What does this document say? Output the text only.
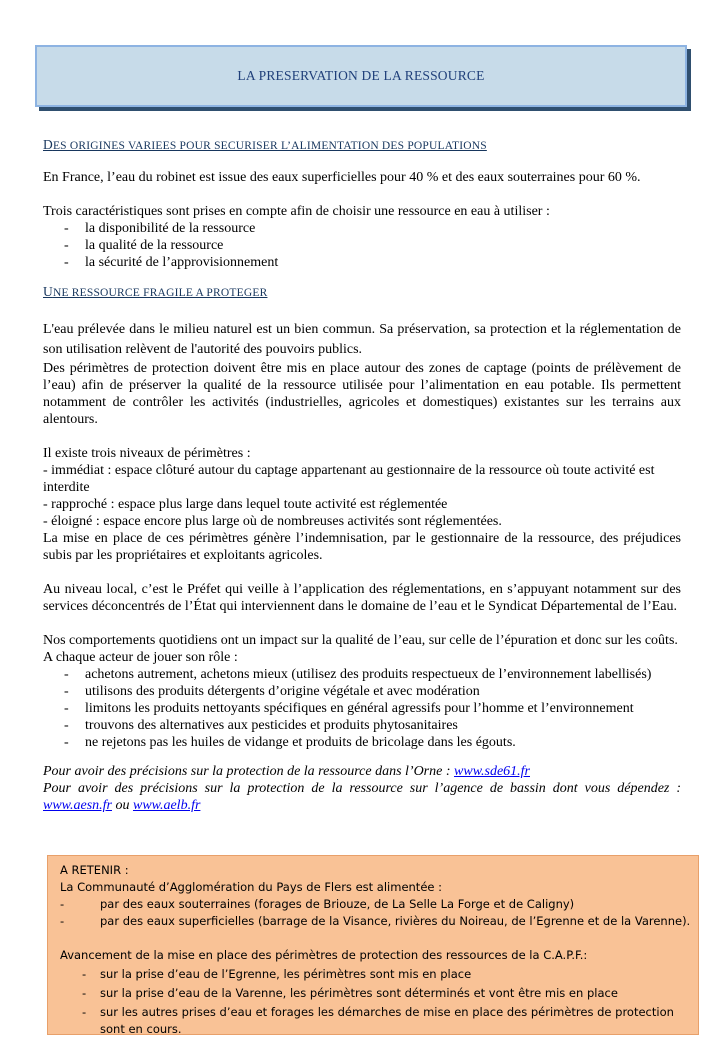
LA PRESERVATION DE LA RESSOURCE
DES ORIGINES VARIEES POUR SECURISER L’ALIMENTATION DES POPULATIONS

En France, l’eau du robinet est issue des eaux superficielles pour 40 % et des eaux souterraines pour 60 %.

Trois caractéristiques sont prises en compte afin de choisir une ressource en eau à utiliser :

- la disponibilité de la ressource
- la qualité de la ressource
- la sécurité de l’approvisionnement
UNE RESSOURCE FRAGILE A PROTEGER

L'eau prélevée dans le milieu naturel est un bien commun. Sa préservation, sa protection et la réglementation de son utilisation relèvent de l'autorité des pouvoirs publics.

Des périmètres de protection doivent être mis en place autour des zones de captage (points de prélèvement de l’eau) afin de préserver la qualité de la ressource utilisée pour l’alimentation en eau potable. Ils permettent notamment de contrôler les activités (industrielles, agricoles et domestiques) existantes sur les terrains aux alentours.

Il existe trois niveaux de périmètres :

- immédiat : espace clôturé autour du captage appartenant au gestionnaire de la ressource où toute activité est interdite

- rapproché : espace plus large dans lequel toute activité est réglementée

- éloigné : espace encore plus large où de nombreuses activités sont réglementées.

La mise en place de ces périmètres génère l’indemnisation, par le gestionnaire de la ressource, des préjudices subis par les propriétaires et exploitants agricoles.

Au niveau local, c’est le Préfet qui veille à l’application des réglementations, en s’appuyant notamment sur des services déconcentrés de l’État qui interviennent dans le domaine de l’eau et le Syndicat Départemental de l’Eau.

Nos comportements quotidiens ont un impact sur la qualité de l’eau, sur celle de l’épuration et donc sur les coûts.

A chaque acteur de jouer son rôle :

- achetons autrement, achetons mieux (utilisez des produits respectueux de l’environnement labellisés)
- utilisons des produits détergents d’origine végétale et avec modération
- limitons les produits nettoyants spécifiques en général agressifs pour l’homme et l’environnement
- trouvons des alternatives aux pesticides et produits phytosanitaires
- ne rejetons pas les huiles de vidange et produits de bricolage dans les égouts.

Pour avoir des précisions sur la protection de la ressource dans l’Orne : www.sde61.fr

Pour avoir des précisions sur la protection de la ressource sur l’agence de bassin dont vous dépendez : www.aesn.fr ou www.aelb.fr

A RETENIR :
La Communauté d’Agglomération du Pays de Flers est alimentée :
-	par des eaux souterraines (forages de Briouze, de La Selle La Forge et de Caligny)
-	par des eaux superficielles (barrage de la Visance, rivières du Noireau, de l’Egrenne et de la Varenne).
Avancement de la mise en place des périmètres de protection des ressources de la C.A.P.F.:
-	sur la prise d’eau de l’Egrenne, les périmètres sont mis en place
-	sur la prise d’eau de la Varenne, les périmètres sont déterminés et vont être mis en place
-	sur les autres prises d’eau et forages les démarches de mise en place des périmètres de protection sont en cours.
